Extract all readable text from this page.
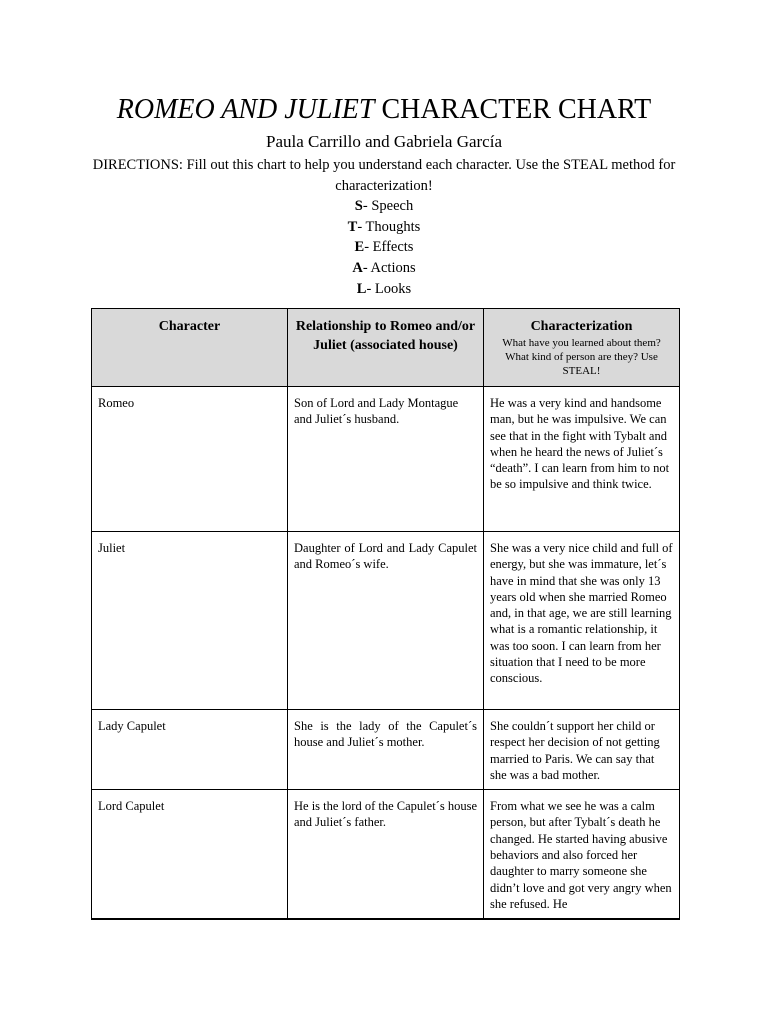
ROMEO AND JULIET CHARACTER CHART
Paula Carrillo and Gabriela García
DIRECTIONS: Fill out this chart to help you understand each character. Use the STEAL method for characterization!
S- Speech
T- Thoughts
E- Effects
A- Actions
L- Looks
Character	Relationship to Romeo and/or Juliet (associated house)	Characterization
What have you learned about them? What kind of person are they? Use STEAL!

Romeo	Son of Lord and Lady Montague and Juliet´s husband.	He was a very kind and handsome man, but he was impulsive. We can see that in the fight with Tybalt and when he heard the news of Juliet´s “death”. I can learn from him to not be so impulsive and think twice.
Juliet	Daughter of Lord and Lady Capulet and Romeo´s wife.	She was a very nice child and full of energy, but she was immature, let´s have in mind that she was only 13 years old when she married Romeo and, in that age, we are still learning what is a romantic relationship, it was too soon. I can learn from her situation that I need to be more conscious.
Lady Capulet	She is the lady of the Capulet´s house and Juliet´s mother.	She couldn´t support her child or respect her decision of not getting married to Paris. We can say that she was a bad mother.
Lord Capulet	He is the lord of the Capulet´s house and Juliet´s father.	From what we see he was a calm person, but after Tybalt´s death he changed. He started having abusive behaviors and also forced her daughter to marry someone she didn’t love and got very angry when she refused. He
